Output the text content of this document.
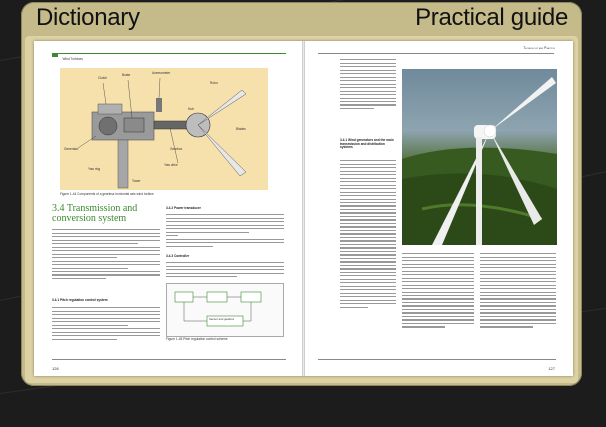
Dictionary	Practical guide
Wind Turbines
Clutch
Brake
Rotor
Generator
Yaw drive
Tower
Blades
Hub
Anemometer
Gearbox
Yaw ring
Figure 1-44 Components of a gearless horizontal axis wind turbine
3.4 Transmission and conversion system
3.4.1 Pitch regulation control system
3.4.2 Power transducer
3.4.3 Controller
Sensor and gearbox
Figure 1-45 Pitch regulation control scheme
126
Technology and Practice
3.4.1 Wind generators and the main transmission and distribution systems
127
